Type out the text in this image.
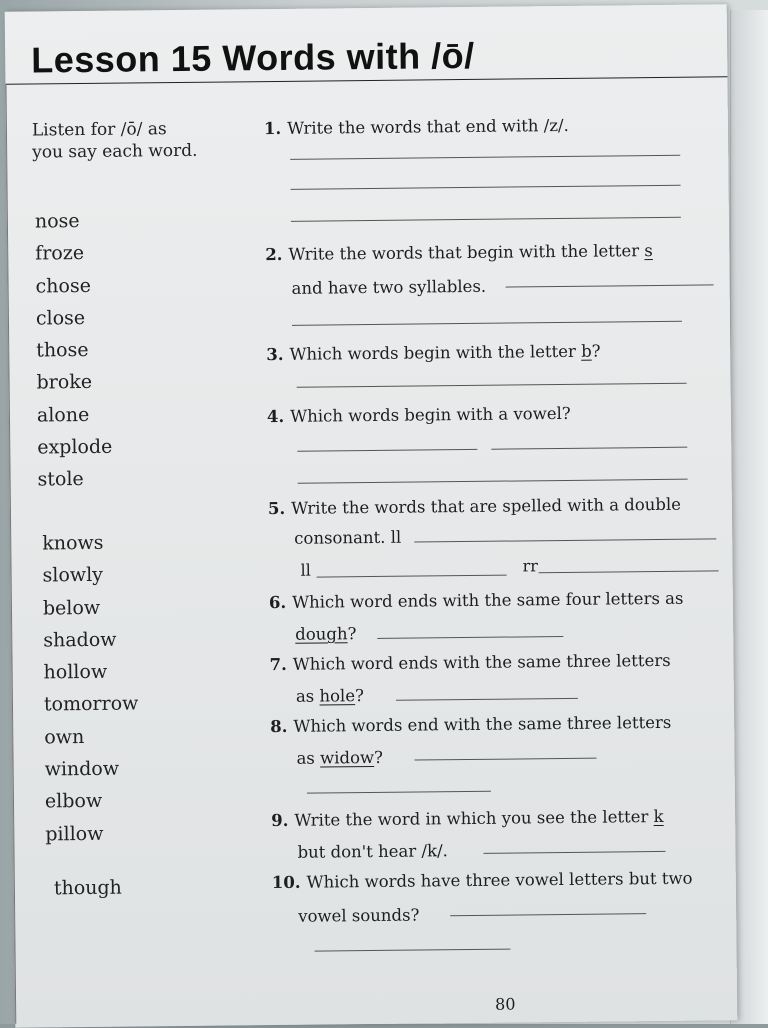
Lesson 15 Words with /ō/
Listen for /ō/ as you say each word.
nose
froze
chose
close
those
broke
alone
explode
stole
knows
slowly
below
shadow
hollow
tomorrow
own
window
elbow
pillow
though
1. Write the words that end with /z/.
2. Write the words that begin with the letter s
and have two syllables.
3. Which words begin with the letter b?
4. Which words begin with a vowel?
5. Write the words that are spelled with a double
consonant. ll
ll	rr
6. Which word ends with the same four letters as
dough?
7. Which word ends with the same three letters
as hole?
8. Which words end with the same three letters
as widow?
9. Write the word in which you see the letter k
but don't hear /k/.
10. Which words have three vowel letters but two
vowel sounds?
80
